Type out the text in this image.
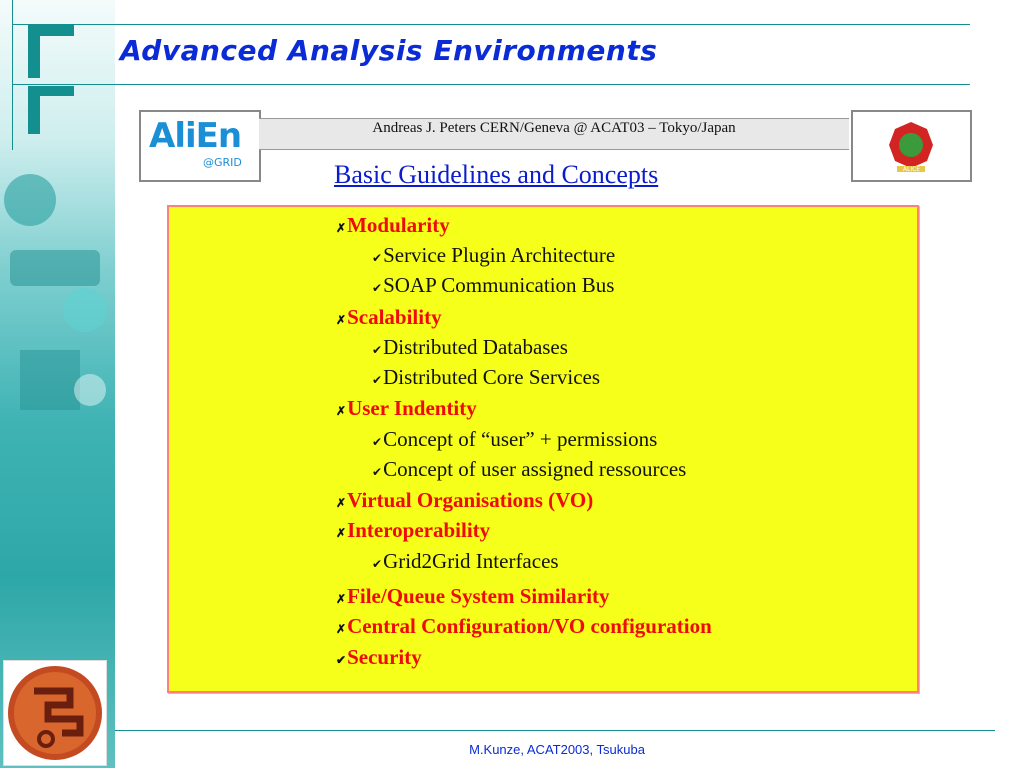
Advanced Analysis Environments
AliEn
@GRID
Andreas J. Peters CERN/Geneva @ ACAT03 – Tokyo/Japan
ALICE
Basic Guidelines and Concepts
✗Modularity
✔Service Plugin Architecture
✔SOAP Communication Bus
✗Scalability
✔Distributed Databases
✔Distributed Core Services
✗User Indentity
✔Concept of “user” + permissions
✔Concept of user assigned ressources
✗Virtual Organisations (VO)
✗Interoperability
✔Grid2Grid Interfaces
✗File/Queue System Similarity
✗Central Configuration/VO configuration
✔Security
M.Kunze, ACAT2003, Tsukuba
